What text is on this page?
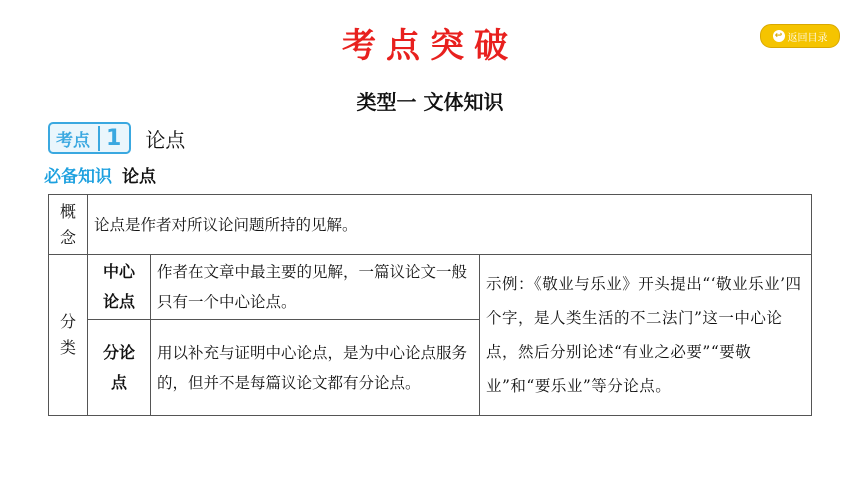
考点突破	↩ 返回目录
类型一 文体知识
考点 1 论点
必备知识 论点
概
念	论点是作者对所议论问题所持的见解。		

分
类	中心
论点	作者在文章中最主要的见解，一篇议论文一般只有一个中心论点。	示例：《敬业与乐业》开头提出“‘敬业乐业’四个字，是人类生活的不二法门”这一中心论点，然后分别论述“有业之必要”“要敬业”和“要乐业”等分论点。

	分论
点	用以补充与证明中心论点，是为中心论点服务的，但并不是每篇议论文都有分论点。	
